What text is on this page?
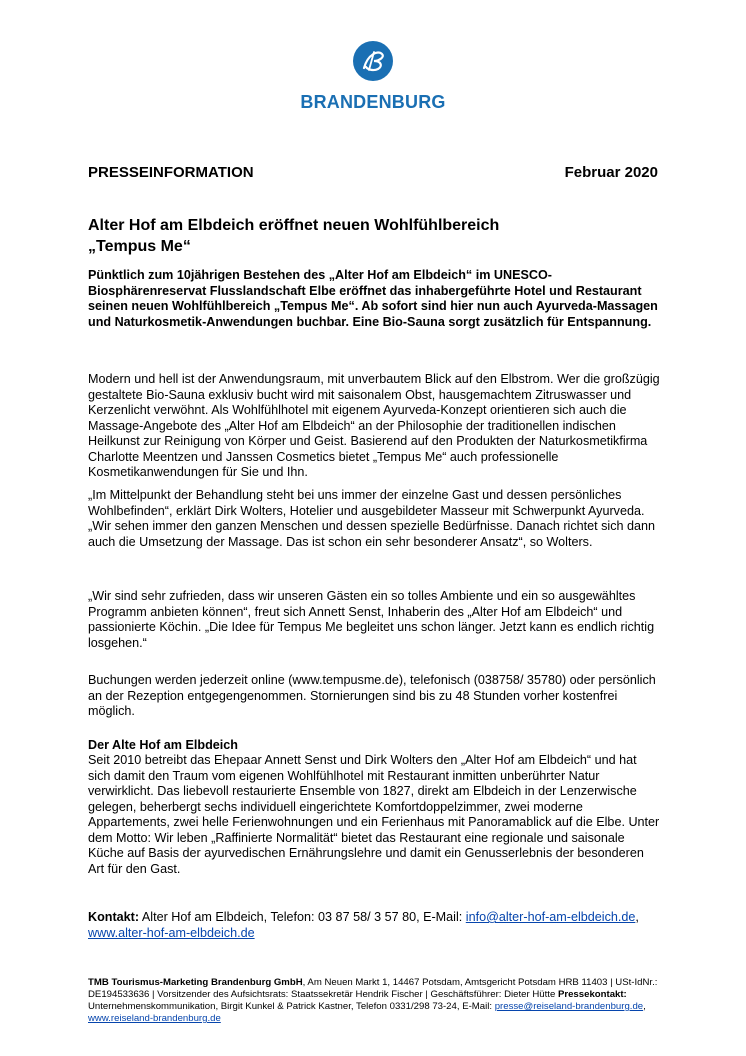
BRANDENBURG
PRESSEINFORMATION	Februar 2020
Alter Hof am Elbdeich eröffnet neuen Wohlfühlbereich
„Tempus Me“

Pünktlich zum 10jährigen Bestehen des „Alter Hof am Elbdeich“ im UNESCO-Biosphärenreservat Flusslandschaft Elbe eröffnet das inhabergeführte Hotel und Restaurant seinen neuen Wohlfühlbereich „Tempus Me“. Ab sofort sind hier nun auch Ayurveda-Massagen und Naturkosmetik-Anwendungen buchbar. Eine Bio-Sauna sorgt zusätzlich für Entspannung.

Modern und hell ist der Anwendungsraum, mit unverbautem Blick auf den Elbstrom. Wer die großzügig gestaltete Bio-Sauna exklusiv bucht wird mit saisonalem Obst, hausgemachtem Zitruswasser und Kerzenlicht verwöhnt. Als Wohlfühlhotel mit eigenem Ayurveda-Konzept orientieren sich auch die Massage-Angebote des „Alter Hof am Elbdeich“ an der Philosophie der traditionellen indischen Heilkunst zur Reinigung von Körper und Geist. Basierend auf den Produkten der Naturkosmetikfirma Charlotte Meentzen und Janssen Cosmetics bietet „Tempus Me“ auch professionelle Kosmetikanwendungen für Sie und Ihn.

„Im Mittelpunkt der Behandlung steht bei uns immer der einzelne Gast und dessen persönliches Wohlbefinden“, erklärt Dirk Wolters, Hotelier und ausgebildeter Masseur mit Schwerpunkt Ayurveda. „Wir sehen immer den ganzen Menschen und dessen spezielle Bedürfnisse. Danach richtet sich dann auch die Umsetzung der Massage. Das ist schon ein sehr besonderer Ansatz“, so Wolters.

„Wir sind sehr zufrieden, dass wir unseren Gästen ein so tolles Ambiente und ein so ausgewähltes Programm anbieten können“, freut sich Annett Senst, Inhaberin des „Alter Hof am Elbdeich“ und passionierte Köchin. „Die Idee für Tempus Me begleitet uns schon länger. Jetzt kann es endlich richtig losgehen.“

Buchungen werden jederzeit online (www.tempusme.de), telefonisch (038758/ 35780) oder persönlich an der Rezeption entgegengenommen. Stornierungen sind bis zu 48 Stunden vorher kostenfrei möglich.

Der Alte Hof am Elbdeich

Seit 2010 betreibt das Ehepaar Annett Senst und Dirk Wolters den „Alter Hof am Elbdeich“ und hat sich damit den Traum vom eigenen Wohlfühlhotel mit Restaurant inmitten unberührter Natur verwirklicht. Das liebevoll restaurierte Ensemble von 1827, direkt am Elbdeich in der Lenzerwische gelegen, beherbergt sechs individuell eingerichtete Komfortdoppelzimmer, zwei moderne Appartements, zwei helle Ferienwohnungen und ein Ferienhaus mit Panoramablick auf die Elbe. Unter dem Motto: Wir leben „Raffinierte Normalität“ bietet das Restaurant eine regionale und saisonale Küche auf Basis der ayurvedischen Ernährungslehre und damit ein Genusserlebnis der besonderen Art für den Gast.

Kontakt: Alter Hof am Elbdeich, Telefon: 03 87 58/ 3 57 80, E-Mail: info@alter-hof-am-elbdeich.de, www.alter-hof-am-elbdeich.de

TMB Tourismus-Marketing Brandenburg GmbH, Am Neuen Markt 1, 14467 Potsdam, Amtsgericht Potsdam HRB 11403 | USt-IdNr.: DE194533636 | Vorsitzender des Aufsichtsrats: Staatssekretär Hendrik Fischer | Geschäftsführer: Dieter Hütte Pressekontakt: Unternehmenskommunikation, Birgit Kunkel & Patrick Kastner, Telefon 0331/298 73-24, E-Mail: presse@reiseland-brandenburg.de, www.reiseland-brandenburg.de
